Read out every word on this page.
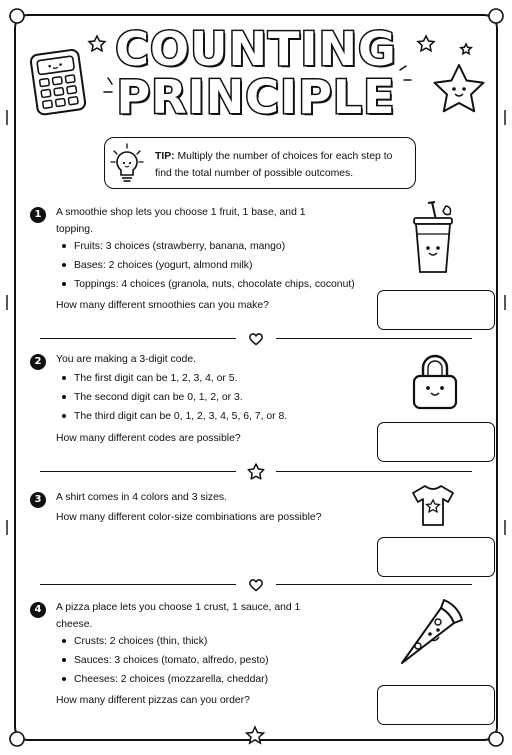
COUNTING
PRINCIPLE
TIP: Multiply the number of choices for each step to find the total number of possible outcomes.
1	A smoothie shop lets you choose 1 fruit, 1 base, and 1 topping.
Fruits: 3 choices (strawberry, banana, mango)
Bases: 2 choices (yogurt, almond milk)
Toppings: 4 choices (granola, nuts, chocolate chips, coconut)
How many different smoothies can you make?
2	You are making a 3-digit code.
The first digit can be 1, 2, 3, 4, or 5.
The second digit can be 0, 1, 2, or 3.
The third digit can be 0, 1, 2, 3, 4, 5, 6, 7, or 8.
How many different codes are possible?
3	A shirt comes in 4 colors and 3 sizes.
How many different color-size combinations are possible?
4	A pizza place lets you choose 1 crust, 1 sauce, and 1 cheese.
Crusts: 2 choices (thin, thick)
Sauces: 3 choices (tomato, alfredo, pesto)
Cheeses: 2 choices (mozzarella, cheddar)
How many different pizzas can you order?
